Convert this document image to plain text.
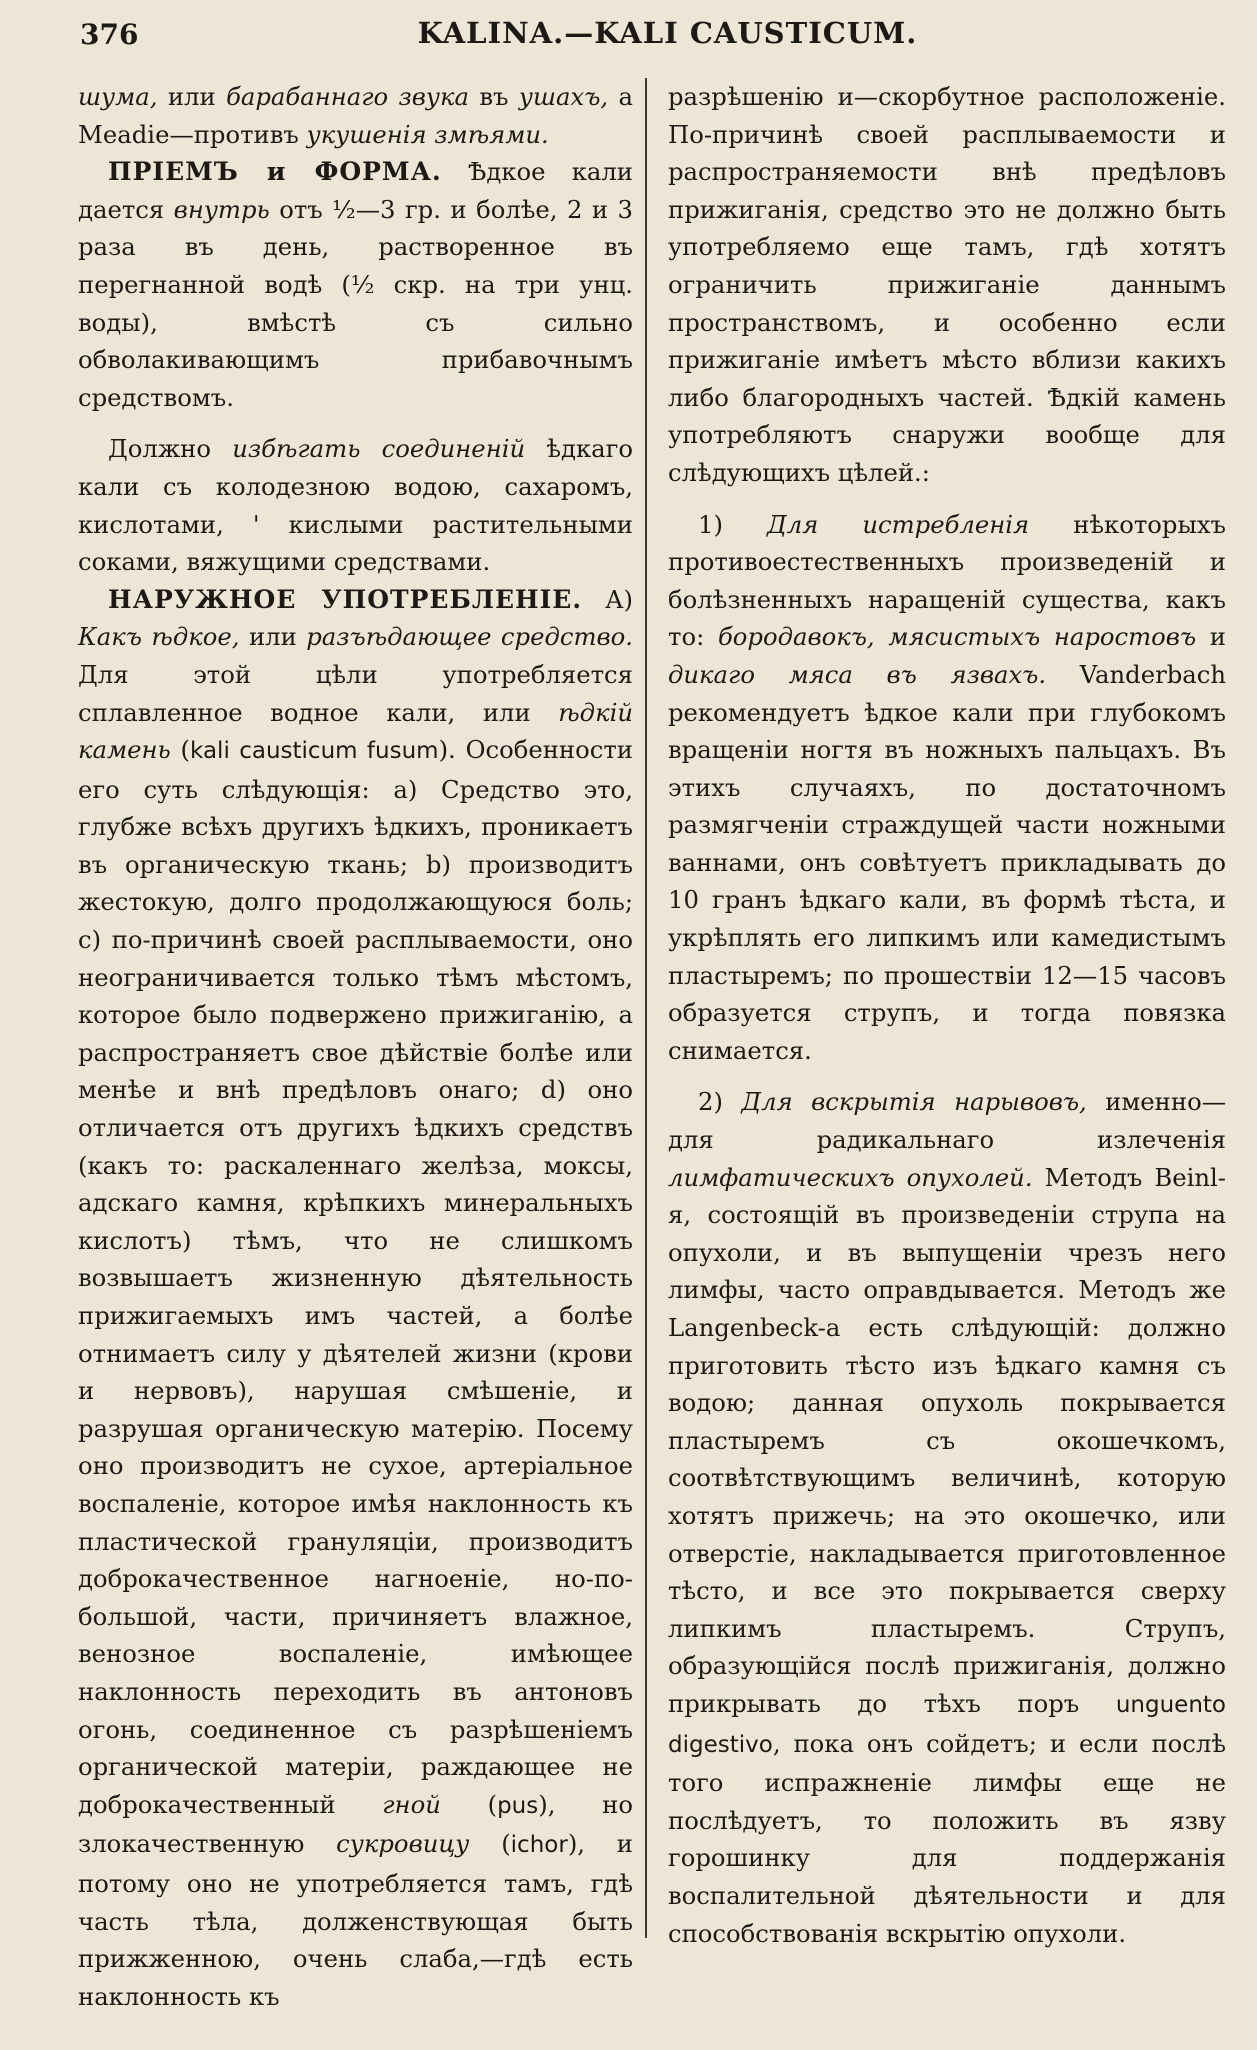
376	KALINA.—KALI CAUSTICUM.

шума, или барабаннаго звука въ ушахъ, а Meadie—противъ укушенія змѣями.

ПРІЕМЪ и ФОРМА. Ѣдкое кали дается внутрь отъ ½—3 гр. и болѣе, 2 и 3 раза въ день, растворенное въ перегнанной водѣ (½ скр. на три унц. воды), вмѣстѣ съ сильно обволакивающимъ прибавочнымъ средствомъ.

Должно избѣгать соединеній ѣдкаго кали съ колодезною водою, сахаромъ, кислотами, ' кислыми растительными соками, вяжущими средствами.

НАРУЖНОЕ УПОТРЕБЛЕНІЕ. А) Какъ ѣдкое, или разъѣдающее средство. Для этой цѣли употребляется сплавленное водное кали, или ѣдкій камень (kali causticum fusum). Особенности его суть слѣдующія: a) Средство это, глубже всѣхъ другихъ ѣдкихъ, проникаетъ въ органическую ткань; b) производитъ жестокую, долго продолжающуюся боль; c) по-причинѣ своей расплываемости, оно неограничивается только тѣмъ мѣстомъ, которое было подвержено прижиганію, а распространяетъ свое дѣйствіе болѣе или менѣе и внѣ предѣловъ онаго; d) оно отличается отъ другихъ ѣдкихъ средствъ (какъ то: раскаленнаго желѣза, моксы, адскаго камня, крѣпкихъ минеральныхъ кислотъ) тѣмъ, что не слишкомъ возвышаетъ жизненную дѣятельность прижигаемыхъ имъ частей, а болѣе отнимаетъ силу у дѣятелей жизни (крови и нервовъ), нарушая смѣшеніе, и разрушая органическую матерію. Посему оно производитъ не сухое, артеріальное воспаленіе, которое имѣя наклонность къ пластической грануляціи, производитъ доброкачественное нагноеніе, но-по-большой, части, причиняетъ влажное, венозное воспаленіе, имѣющее наклонность переходить въ антоновъ огонь, соединенное съ разрѣшеніемъ органической матеріи, раждающее не доброкачественный гной (pus), но злокачественную сукровицу (ichor), и потому оно не употребляется тамъ, гдѣ часть тѣла, долженствующая быть прижженною, очень слаба,—гдѣ есть наклонность къ

разрѣшенію и—скорбутное расположеніе. По-причинѣ своей расплываемости и распространяемости внѣ предѣловъ прижиганія, средство это не должно быть употребляемо еще тамъ, гдѣ хотятъ ограничить прижиганіе даннымъ пространствомъ, и особенно если прижиганіе имѣетъ мѣсто вблизи какихъ либо благородныхъ частей. Ѣдкій камень употребляютъ снаружи вообще для слѣдующихъ цѣлей.:

1) Для истребленія нѣкоторыхъ противоестественныхъ произведеній и болѣзненныхъ наращеній существа, какъ то: бородавокъ, мясистыхъ наростовъ и дикаго мяса въ язвахъ. Vanderbach рекомендуетъ ѣдкое кали при глубокомъ вращеніи ногтя въ ножныхъ пальцахъ. Въ этихъ случаяхъ, по достаточномъ размягченіи страждущей части ножными ваннами, онъ совѣтуетъ прикладывать до 10 гранъ ѣдкаго кали, въ формѣ тѣста, и укрѣплять его липкимъ или камедистымъ пластыремъ; по прошествіи 12—15 часовъ образуется струпъ, и тогда повязка снимается.

2) Для вскрытія нарывовъ, именно—для радикальнаго излеченія лимфатическихъ опухолей. Методъ Beinl-я, состоящій въ произведеніи струпа на опухоли, и въ выпущеніи чрезъ него лимфы, часто оправдывается. Методъ же Langenbeck-а есть слѣдующій: должно приготовить тѣсто изъ ѣдкаго камня съ водою; данная опухоль покрывается пластыремъ съ окошечкомъ, соотвѣтствующимъ величинѣ, которую хотятъ прижечь; на это окошечко, или отверстіе, накладывается приготовленное тѣсто, и все это покрывается сверху липкимъ пластыремъ. Струпъ, образующійся послѣ прижиганія, должно прикрывать до тѣхъ поръ unguento digestivo, пока онъ сойдетъ; и если послѣ того испражненіе лимфы еще не послѣдуетъ, то положить въ язву горошинку для поддержанія воспалительной дѣятельности и для способствованія вскрытію опухоли.
